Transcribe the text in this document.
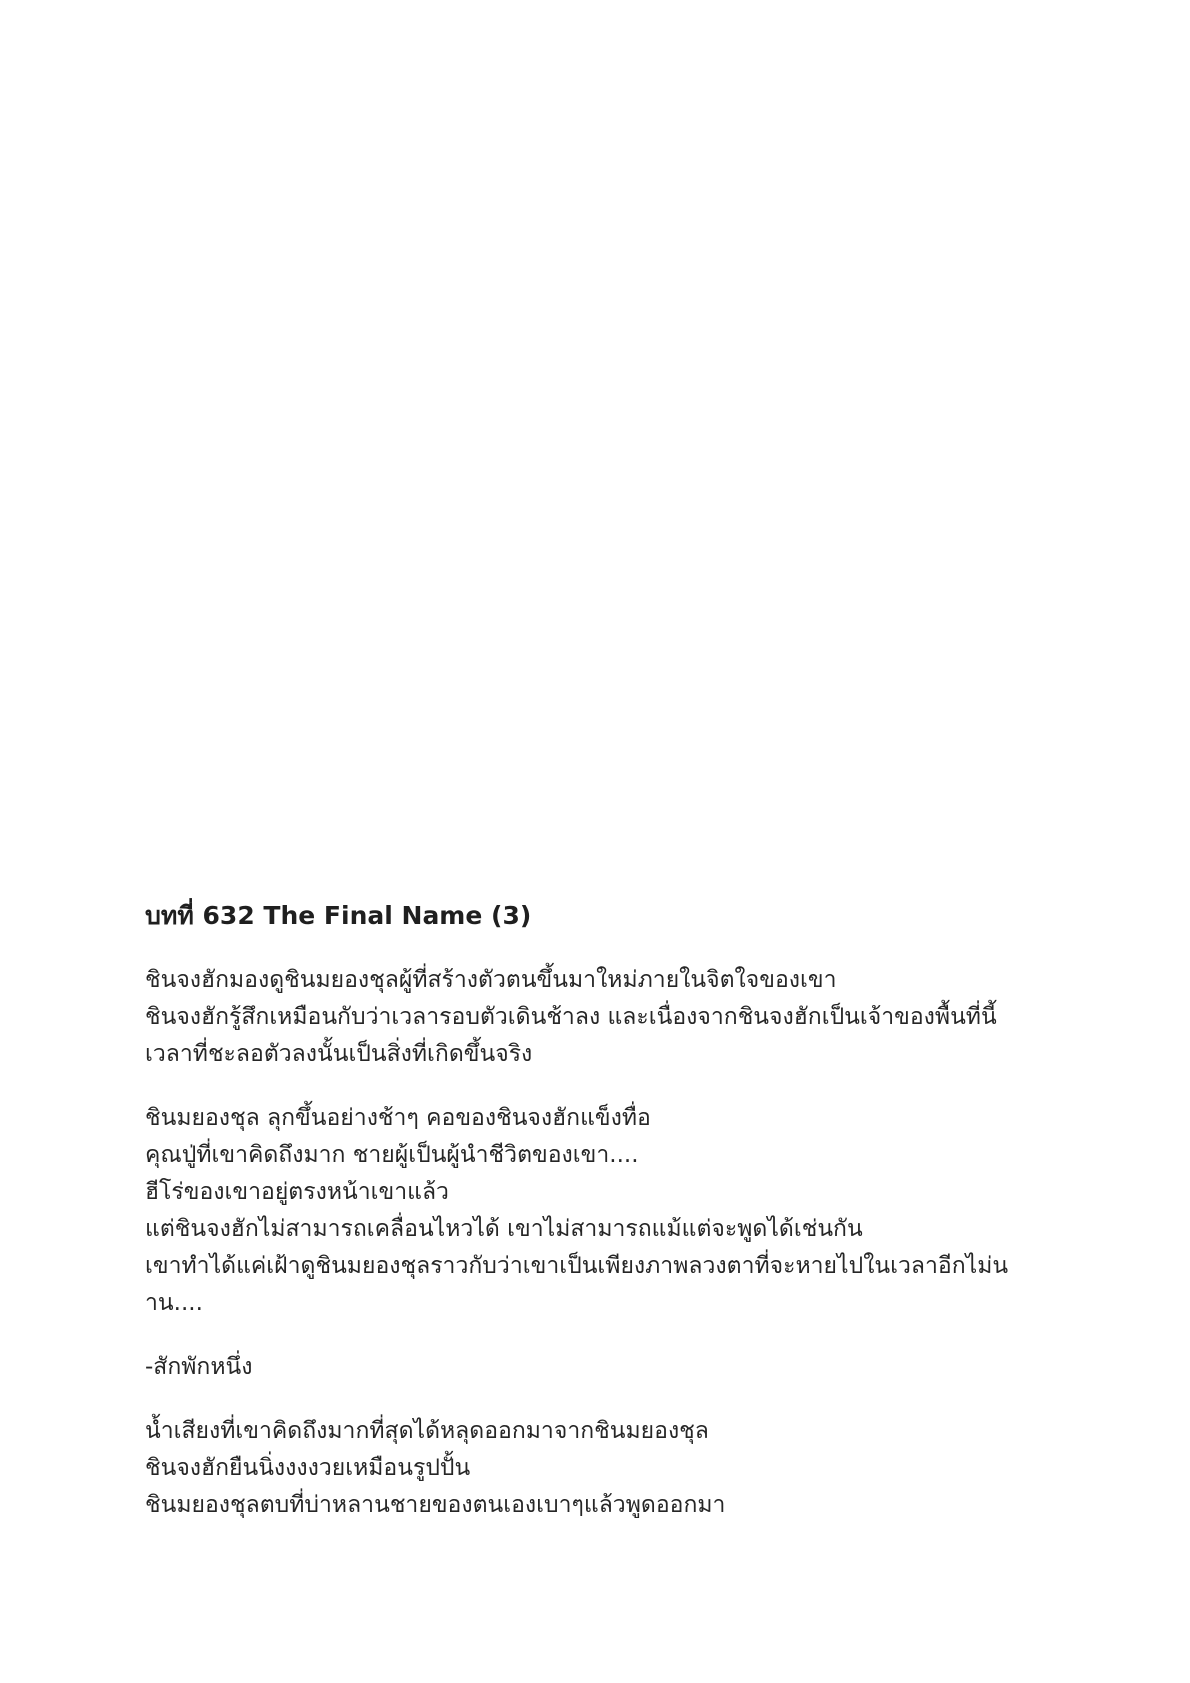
บทที่ 632 The Final Name (3)
ชินจงฮักมองดูชินมยองชุลผู้ที่สร้างตัวตนขึ้นมาใหม่ภายในจิตใจของเขา
ชินจงฮักรู้สึกเหมือนกับว่าเวลารอบตัวเดินช้าลง และเนื่องจากชินจงฮักเป็นเจ้าของพื้นที่นี้
เวลาที่ชะลอตัวลงนั้นเป็นสิ่งที่เกิดขึ้นจริง
ชินมยองชุล ลุกขึ้นอย่างช้าๆ คอของชินจงฮักแข็งทื่อ
คุณปู่ที่เขาคิดถึงมาก ชายผู้เป็นผู้นำชีวิตของเขา....
ฮีโร่ของเขาอยู่ตรงหน้าเขาแล้ว
แต่ชินจงฮักไม่สามารถเคลื่อนไหวได้ เขาไม่สามารถแม้แต่จะพูดได้เช่นกัน
เขาทำได้แค่เฝ้าดูชินมยองชุลราวกับว่าเขาเป็นเพียงภาพลวงตาที่จะหายไปในเวลาอีกไม่น
าน....
-สักพักหนึ่ง
น้ำเสียงที่เขาคิดถึงมากที่สุดได้หลุดออกมาจากชินมยองชุล
ชินจงฮักยืนนิ่งงงงวยเหมือนรูปปั้น
ชินมยองชุลตบที่บ่าหลานชายของตนเองเบาๆแล้วพูดออกมา
